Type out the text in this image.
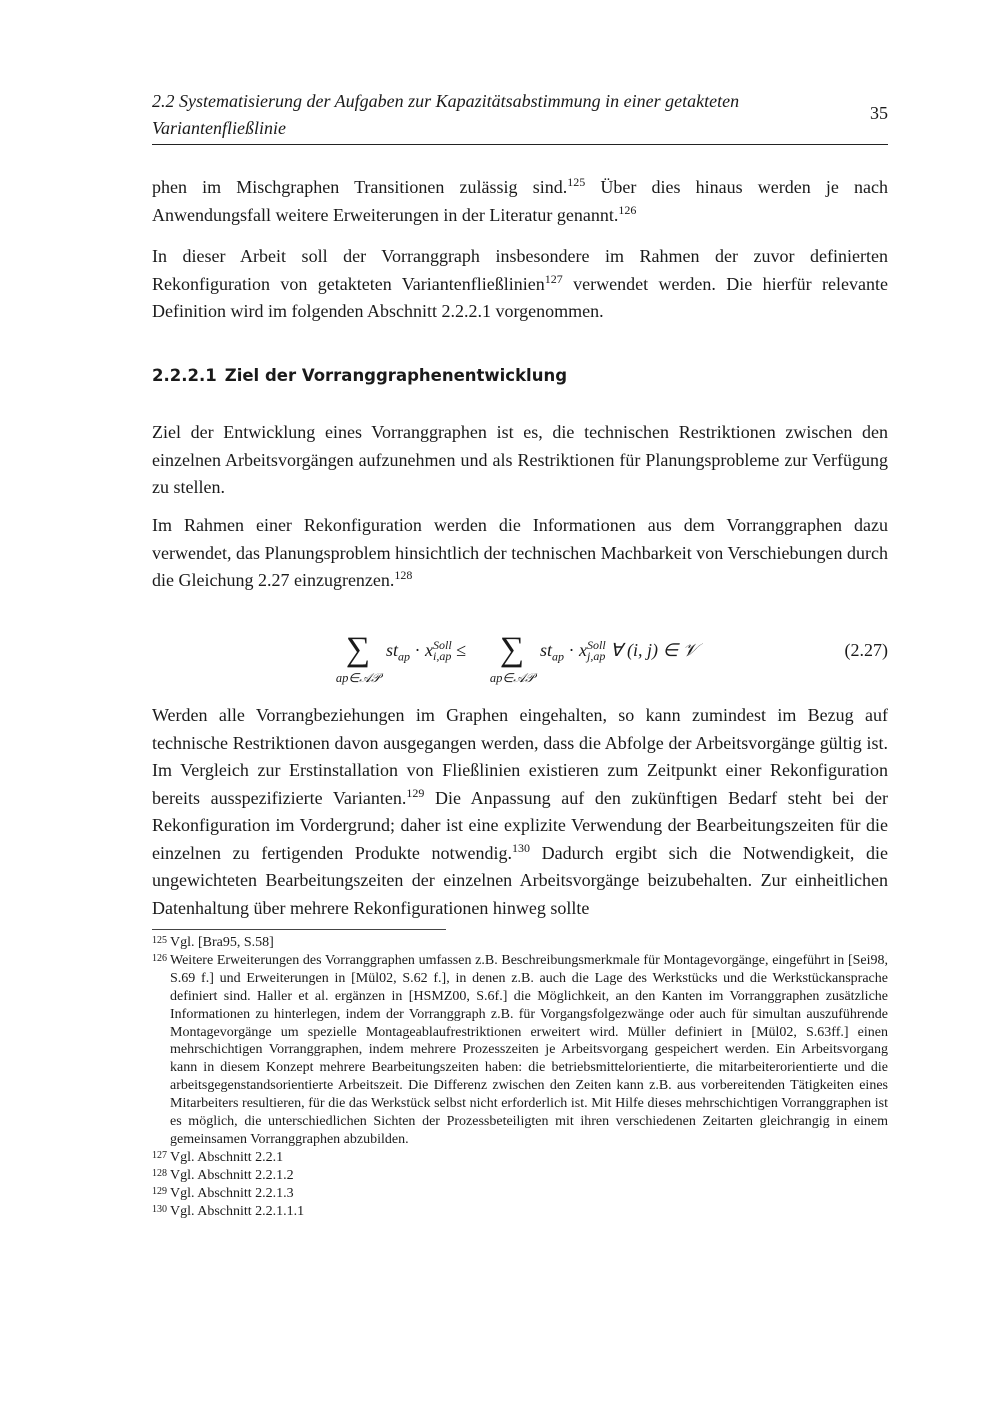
2.2 Systematisierung der Aufgaben zur Kapazitätsabstimmung in einer getakteten Variantenfließlinie
35

phen im Mischgraphen Transitionen zulässig sind.$^{125}$ Über dies hinaus werden je nach Anwendungsfall weitere Erweiterungen in der Literatur genannt.$^{126}$

In dieser Arbeit soll der Vorranggraph insbesondere im Rahmen der zuvor definierten Rekonfiguration von getakteten Variantenfließlinien$^{127}$ verwendet werden. Die hierfür relevante Definition wird im folgenden Abschnitt 2.2.2.1 vorgenommen.

2.2.2.1 Ziel der Vorranggraphenentwicklung

Ziel der Entwicklung eines Vorranggraphen ist es, die technischen Restriktionen zwischen den einzelnen Arbeitsvorgängen aufzunehmen und als Restriktionen für Planungsprobleme zur Verfügung zu stellen.

Im Rahmen einer Rekonfiguration werden die Informationen aus dem Vorranggraphen dazu verwendet, das Planungsproblem hinsichtlich der technischen Machbarkeit von Verschiebungen durch die Gleichung 2.27 einzugrenzen.$^{128}$

∑
ap∈𝒜𝒫
$st_{ap} \cdot x$ Soll
i,ap ≤ ∑
ap∈𝒜𝒫
$st_{ap} \cdot x$ Soll
j,ap ∀ (i, j) ∈ 𝒱	(2.27)

Werden alle Vorrangbeziehungen im Graphen eingehalten, so kann zumindest im Bezug auf technische Restriktionen davon ausgegangen werden, dass die Abfolge der Arbeitsvorgänge gültig ist. Im Vergleich zur Erstinstallation von Fließlinien existieren zum Zeitpunkt einer Rekonfiguration bereits ausspezifizierte Varianten.$^{129}$ Die Anpassung auf den zukünftigen Bedarf steht bei der Rekonfiguration im Vordergrund; daher ist eine explizite Verwendung der Bearbeitungszeiten für die einzelnen zu fertigenden Produkte notwendig.$^{130}$ Dadurch ergibt sich die Notwendigkeit, die ungewichteten Bearbeitungszeiten der einzelnen Arbeitsvorgänge beizubehalten. Zur einheitlichen Datenhaltung über mehrere Rekonfigurationen hinweg sollte

125 Vgl. [Bra95, S.58]
126 Weitere Erweiterungen des Vorranggraphen umfassen z.B. Beschreibungsmerkmale für Montagevorgänge, eingeführt in [Sei98, S.69 f.] und Erweiterungen in [Mül02, S.62 f.], in denen z.B. auch die Lage des Werkstücks und die Werkstückansprache definiert sind. Haller et al. ergänzen in [HSMZ00, S.6f.] die Möglichkeit, an den Kanten im Vorranggraphen zusätzliche Informationen zu hinterlegen, indem der Vorranggraph z.B. für Vorgangsfolgezwänge oder auch für simultan auszuführende Montagevorgänge um spezielle Montageablaufrestriktionen erweitert wird. Müller definiert in [Mül02, S.63ff.] einen mehrschichtigen Vorranggraphen, indem mehrere Prozesszeiten je Arbeitsvorgang gespeichert werden. Ein Arbeitsvorgang kann in diesem Konzept mehrere Bearbeitungszeiten haben: die betriebsmittelorientierte, die mitarbeiterorientierte und die arbeitsgegenstandsorientierte Arbeitszeit. Die Differenz zwischen den Zeiten kann z.B. aus vorbereitenden Tätigkeiten eines Mitarbeiters resultieren, für die das Werkstück selbst nicht erforderlich ist. Mit Hilfe dieses mehrschichtigen Vorranggraphen ist es möglich, die unterschiedlichen Sichten der Prozessbeteiligten mit ihren verschiedenen Zeitarten gleichrangig in einem gemeinsamen Vorranggraphen abzubilden.
127 Vgl. Abschnitt 2.2.1
128 Vgl. Abschnitt 2.2.1.2
129 Vgl. Abschnitt 2.2.1.3
130 Vgl. Abschnitt 2.2.1.1.1
